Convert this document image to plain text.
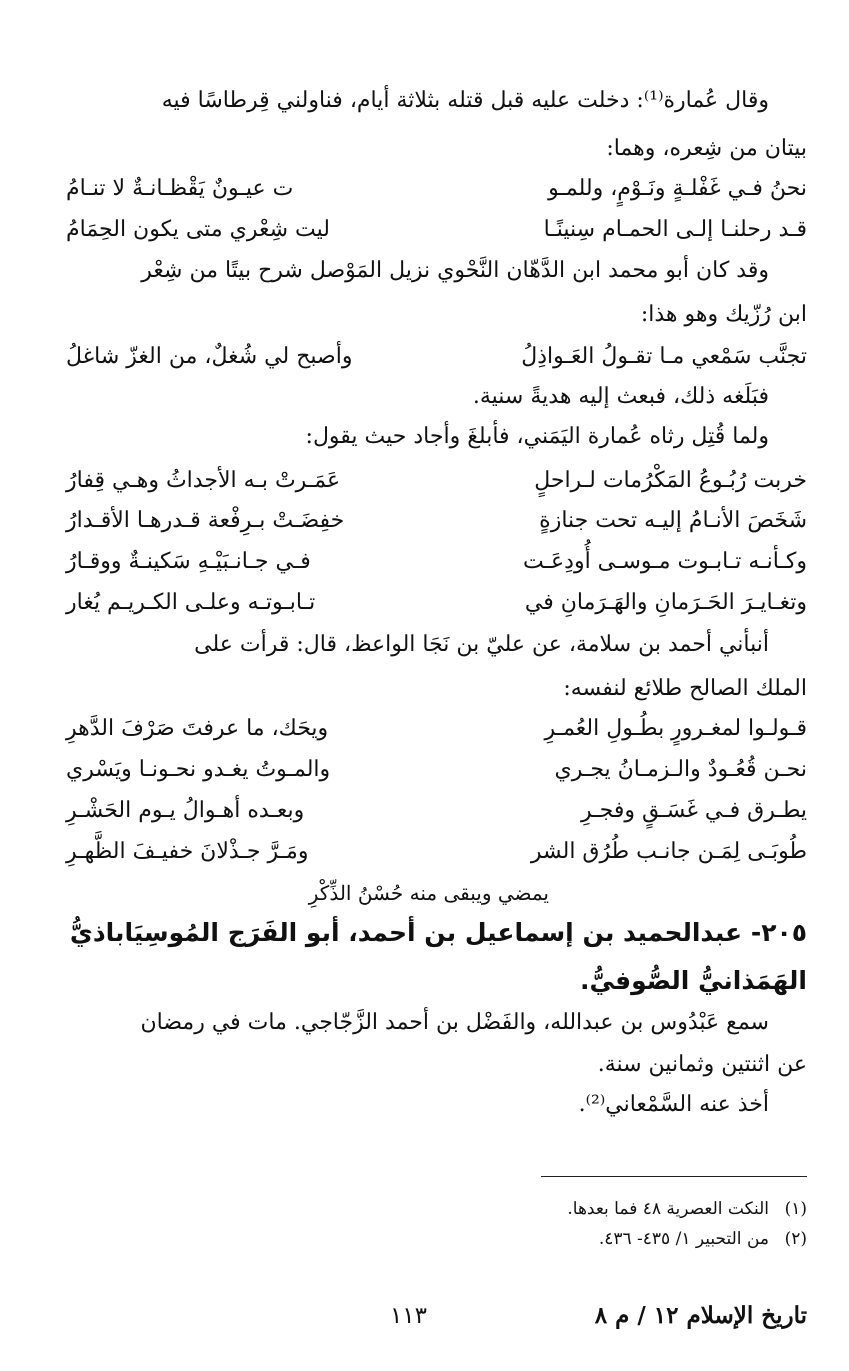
وقال عُمارة⁽¹⁾: دخلت عليه قبل قتله بثلاثة أيام، فناولني قِرطاسًا فيه
بيتان من شِعره، وهما:
نحنُ فـي غَفْلـةٍ ونَـوْمٍ، وللمـو
ت عيـونٌ يَقْظـانـةٌ لا تنـامُ
قـد رحلنـا إلـى الحمـام سِنينًـا
ليت شِعْري متى يكون الحِمَامُ
وقد كان أبو محمد ابن الدَّهّان النَّحْوي نزيل المَوْصل شرح بيتًا من شِعْر
ابن رُزّيك وهو هذا:
تجنَّب سَمْعي مـا تقـولُ العَـواذِلُ
وأصبح لي شُغلٌ، من الغزّ شاغلُ
فبَلَغه ذلك، فبعث إليه هديةً سنية.
ولما قُتِل رثاه عُمارة اليَمَني، فأبلغَ وأجاد حيث يقول:
خربت رُبُـوعُ المَكْرُمات لـراحلٍ
عَمَـرتْ بـه الأجداثُ وهـي قِفارُ
شَخَصَ الأنـامُ إليـه تحت جنازةٍ
خفِضَـتْ بـرِفْعة قـدرهـا الأقـدارُ
وكـأنـه تـابـوت مـوسـى أُودِعَـت
فـي جـانـبَيْـهِ سَكينـةٌ ووقـارُ
وتغـايـرَ الحَـرَمانِ والهَـرَمانِ في
تـابـوتـه وعلـى الكـريـم يُغار
أنبأني أحمد بن سلامة، عن عليّ بن نَجَا الواعظ، قال: قرأت على
الملك الصالح طلائع لنفسه:
قـولـوا لمغـرورٍ بطُـولِ العُمـرِ
ويحَك، ما عرفتَ صَرْفَ الدَّهرِ
نحـن قُعُـودٌ والـزمـانُ يجـري
والمـوتُ يغـدو نحـونـا ويَسْري
يطـرق فـي غَسَـقٍ وفجـرِ
وبعـده أهـوالُ يـوم الحَشْـرِ
طُوبَـى لِمَـن جانـب طُرُق الشر
ومَـرَّ جـذْلانَ خفيـفَ الظَّهـرِ
يمضي ويبقى منه حُسْنُ الذِّكْرِ
٢٠٥- عبدالحميد بن إسماعيل بن أحمد، أبو الفَرَج المُوسِيَاباذيُّ
الهَمَذانيُّ الصُّوفيُّ.
سمع عَبْدُوس بن عبدالله، والفَضْل بن أحمد الزَّجّاجي. مات في رمضان
عن اثنتين وثمانين سنة.
أخذ عنه السَّمْعاني⁽²⁾.
(١)النكت العصرية ٤٨ فما بعدها.
(٢)من التحبير ١/ ٤٣٥- ٤٣٦.
تاريخ الإسلام ١٢ / م ٨
١١٣
